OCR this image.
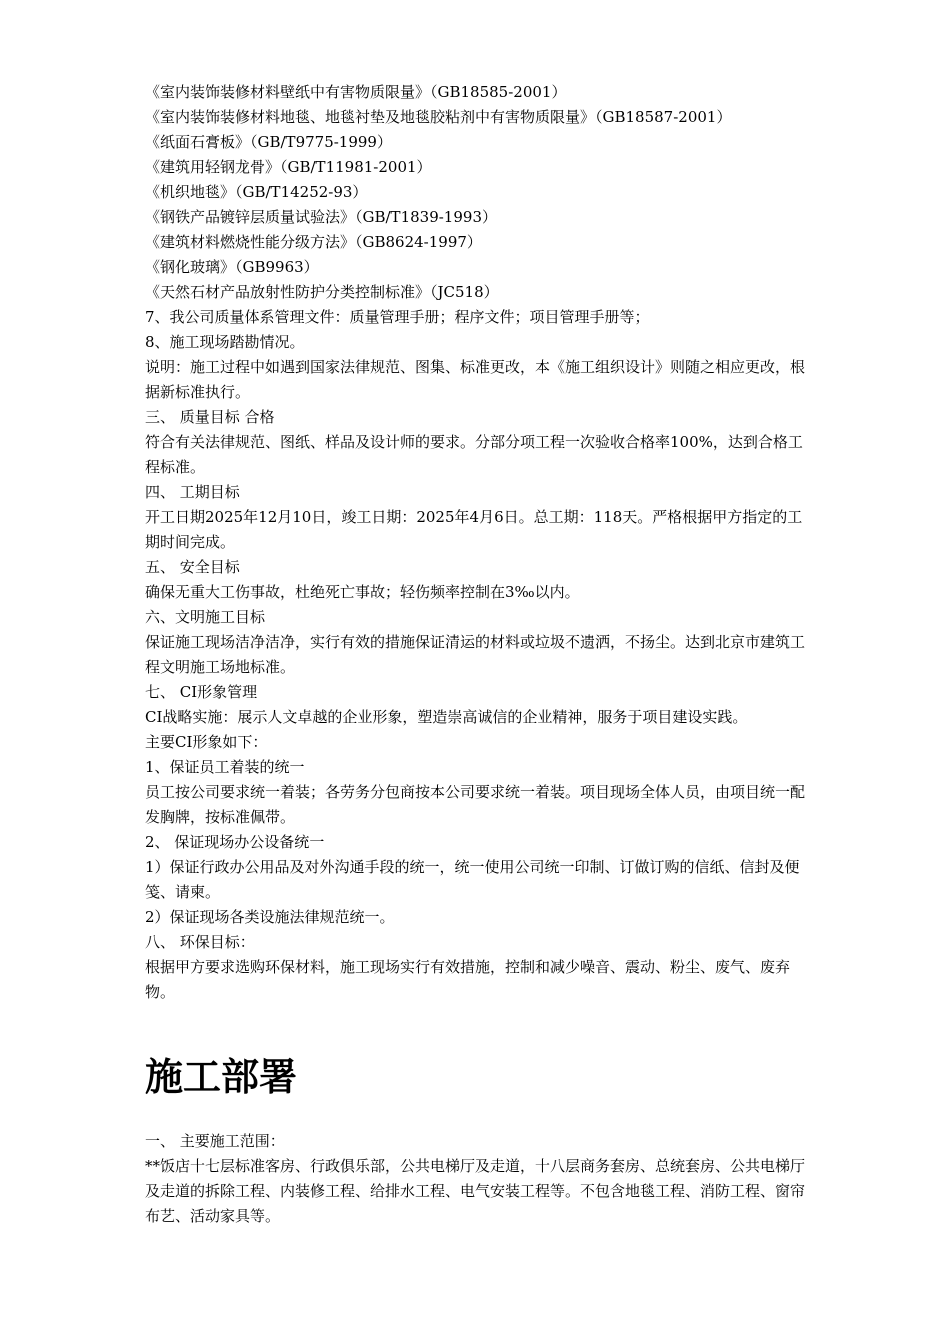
《室内装饰装修材料壁纸中有害物质限量》（GB18585-2001）
《室内装饰装修材料地毯、地毯衬垫及地毯胶粘剂中有害物质限量》（GB18587-2001）
《纸面石膏板》（GB/T9775-1999）
《建筑用轻钢龙骨》（GB/T11981-2001）
《机织地毯》（GB/T14252-93）
《钢铁产品镀锌层质量试验法》（GB/T1839-1993）
《建筑材料燃烧性能分级方法》（GB8624-1997）
《钢化玻璃》（GB9963）
《天然石材产品放射性防护分类控制标准》（JC518）
7、我公司质量体系管理文件：质量管理手册；程序文件；项目管理手册等；
8、施工现场踏勘情况。
说明：施工过程中如遇到国家法律规范、图集、标准更改，本《施工组织设计》则随之相应更改，根据新标准执行。
三、 质量目标 合格
符合有关法律规范、图纸、样品及设计师的要求。分部分项工程一次验收合格率100%，达到合格工程标准。
四、 工期目标
开工日期2025年12月10日，竣工日期：2025年4月6日。总工期：118天。严格根据甲方指定的工期时间完成。
五、 安全目标
确保无重大工伤事故，杜绝死亡事故；轻伤频率控制在3‰以内。
六、文明施工目标
保证施工现场洁净洁净，实行有效的措施保证清运的材料或垃圾不遗洒，不扬尘。达到北京市建筑工程文明施工场地标准。
七、 CI形象管理
CI战略实施：展示人文卓越的企业形象，塑造崇高诚信的企业精神，服务于项目建设实践。
主要CI形象如下：
1、保证员工着装的统一
员工按公司要求统一着装；各劳务分包商按本公司要求统一着装。项目现场全体人员，由项目统一配发胸牌，按标准佩带。
2、 保证现场办公设备统一
1）保证行政办公用品及对外沟通手段的统一，统一使用公司统一印制、订做订购的信纸、信封及便笺、请柬。
2）保证现场各类设施法律规范统一。
八、 环保目标：
根据甲方要求选购环保材料，施工现场实行有效措施，控制和减少噪音、震动、粉尘、废气、废弃物。
施工部署
一、 主要施工范围：
**饭店十七层标准客房、行政俱乐部，公共电梯厅及走道，十八层商务套房、总统套房、公共电梯厅及走道的拆除工程、内装修工程、给排水工程、电气安装工程等。不包含地毯工程、消防工程、窗帘布艺、活动家具等。
